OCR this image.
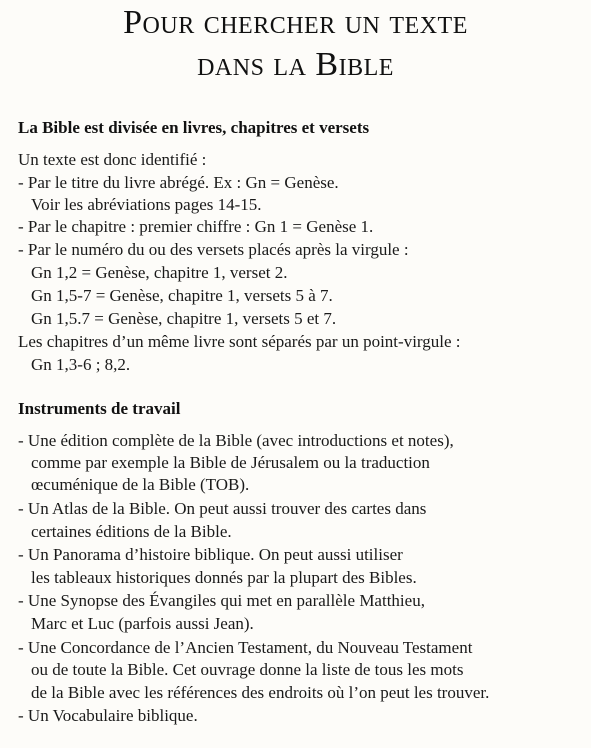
Pour chercher un texte
dans la Bible
La Bible est divisée en livres, chapitres et versets
Un texte est donc identifié :
- Par le titre du livre abrégé. Ex : Gn = Genèse.
Voir les abréviations pages 14-15.
- Par le chapitre : premier chiffre : Gn 1 = Genèse 1.
- Par le numéro du ou des versets placés après la virgule :
Gn 1,2 = Genèse, chapitre 1, verset 2.
Gn 1,5-7 = Genèse, chapitre 1, versets 5 à 7.
Gn 1,5.7 = Genèse, chapitre 1, versets 5 et 7.
Les chapitres d’un même livre sont séparés par un point-virgule :
Gn 1,3-6 ; 8,2.
Instruments de travail
- Une édition complète de la Bible (avec introductions et notes),
comme par exemple la Bible de Jérusalem ou la traduction
œcuménique de la Bible (TOB).
- Un Atlas de la Bible. On peut aussi trouver des cartes dans
certaines éditions de la Bible.
- Un Panorama d’histoire biblique. On peut aussi utiliser
les tableaux historiques donnés par la plupart des Bibles.
- Une Synopse des Évangiles qui met en parallèle Matthieu,
Marc et Luc (parfois aussi Jean).
- Une Concordance de l’Ancien Testament, du Nouveau Testament
ou de toute la Bible. Cet ouvrage donne la liste de tous les mots
de la Bible avec les références des endroits où l’on peut les trouver.
- Un Vocabulaire biblique.
